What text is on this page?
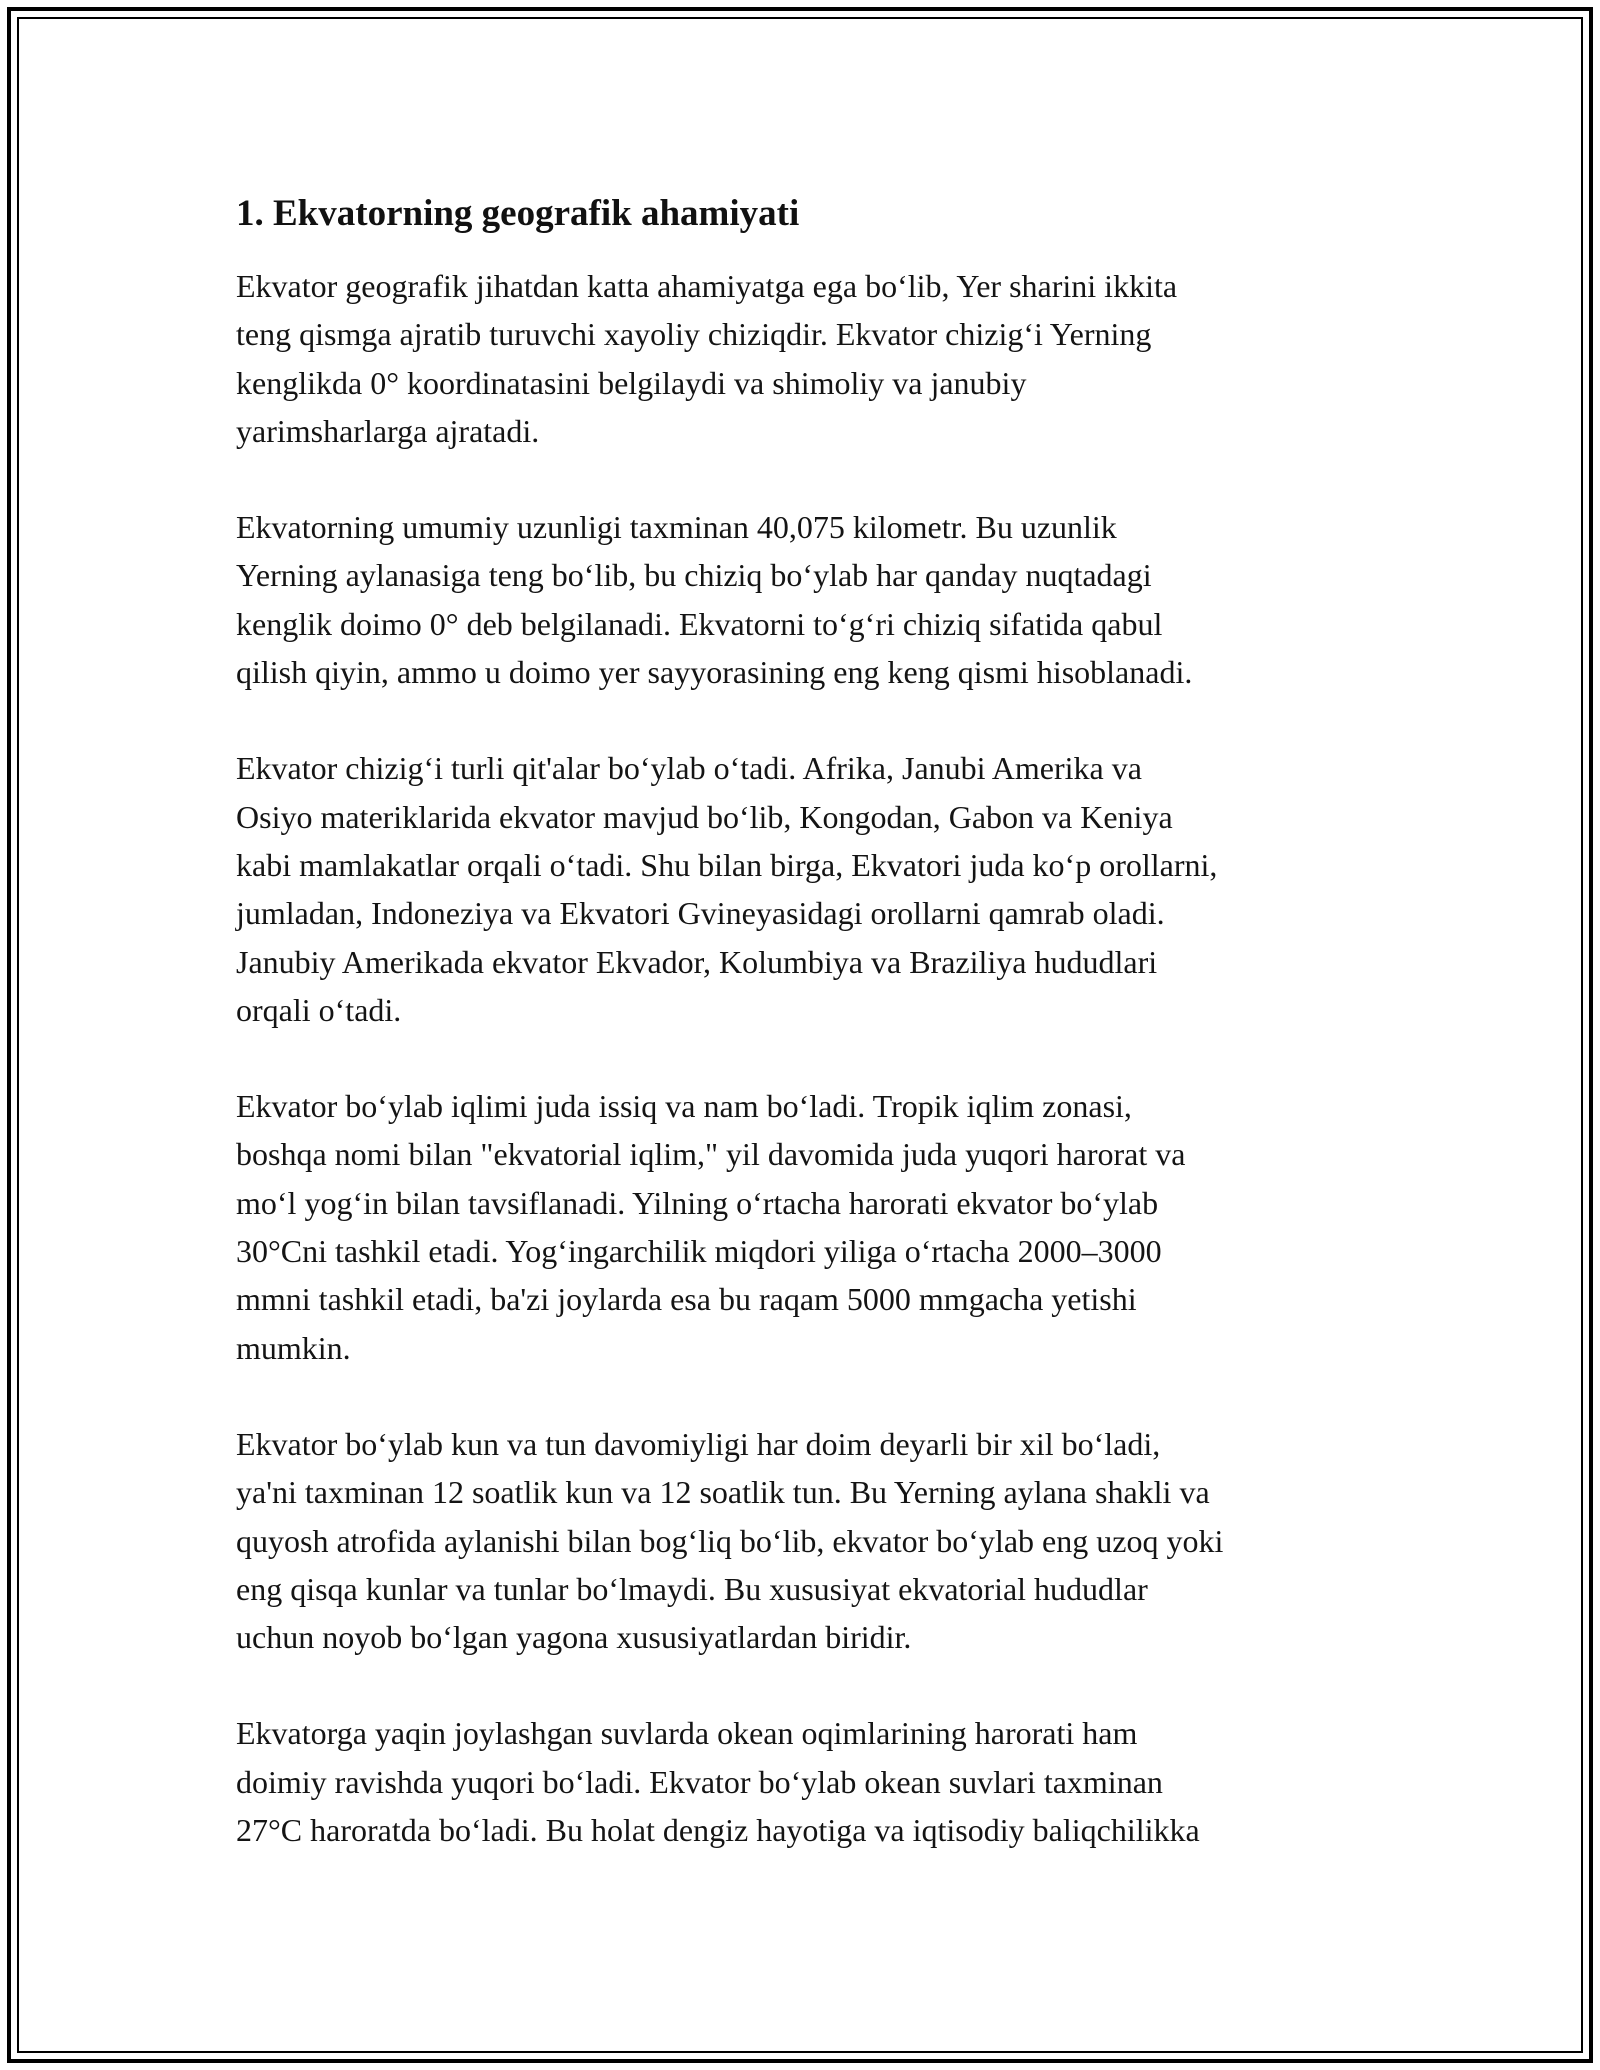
1. Ekvatorning geografik ahamiyati

Ekvator geografik jihatdan katta ahamiyatga ega bo‘lib, Yer sharini ikkita
teng qismga ajratib turuvchi xayoliy chiziqdir. Ekvator chizig‘i Yerning
kenglikda 0° koordinatasini belgilaydi va shimoliy va janubiy
yarimsharlarga ajratadi.

Ekvatorning umumiy uzunligi taxminan 40,075 kilometr. Bu uzunlik
Yerning aylanasiga teng bo‘lib, bu chiziq bo‘ylab har qanday nuqtadagi
kenglik doimo 0° deb belgilanadi. Ekvatorni to‘g‘ri chiziq sifatida qabul
qilish qiyin, ammo u doimo yer sayyorasining eng keng qismi hisoblanadi.

Ekvator chizig‘i turli qit'alar bo‘ylab o‘tadi. Afrika, Janubi Amerika va
Osiyo materiklarida ekvator mavjud bo‘lib, Kongodan, Gabon va Keniya
kabi mamlakatlar orqali o‘tadi. Shu bilan birga, Ekvatori juda ko‘p orollarni,
jumladan, Indoneziya va Ekvatori Gvineyasidagi orollarni qamrab oladi.
Janubiy Amerikada ekvator Ekvador, Kolumbiya va Braziliya hududlari
orqali o‘tadi.

Ekvator bo‘ylab iqlimi juda issiq va nam bo‘ladi. Tropik iqlim zonasi,
boshqa nomi bilan "ekvatorial iqlim," yil davomida juda yuqori harorat va
mo‘l yog‘in bilan tavsiflanadi. Yilning o‘rtacha harorati ekvator bo‘ylab
30°Cni tashkil etadi. Yog‘ingarchilik miqdori yiliga o‘rtacha 2000–3000
mmni tashkil etadi, ba'zi joylarda esa bu raqam 5000 mmgacha yetishi
mumkin.

Ekvator bo‘ylab kun va tun davomiyligi har doim deyarli bir xil bo‘ladi,
ya'ni taxminan 12 soatlik kun va 12 soatlik tun. Bu Yerning aylana shakli va
quyosh atrofida aylanishi bilan bog‘liq bo‘lib, ekvator bo‘ylab eng uzoq yoki
eng qisqa kunlar va tunlar bo‘lmaydi. Bu xususiyat ekvatorial hududlar
uchun noyob bo‘lgan yagona xususiyatlardan biridir.

Ekvatorga yaqin joylashgan suvlarda okean oqimlarining harorati ham
doimiy ravishda yuqori bo‘ladi. Ekvator bo‘ylab okean suvlari taxminan
27°C haroratda bo‘ladi. Bu holat dengiz hayotiga va iqtisodiy baliqchilikka
